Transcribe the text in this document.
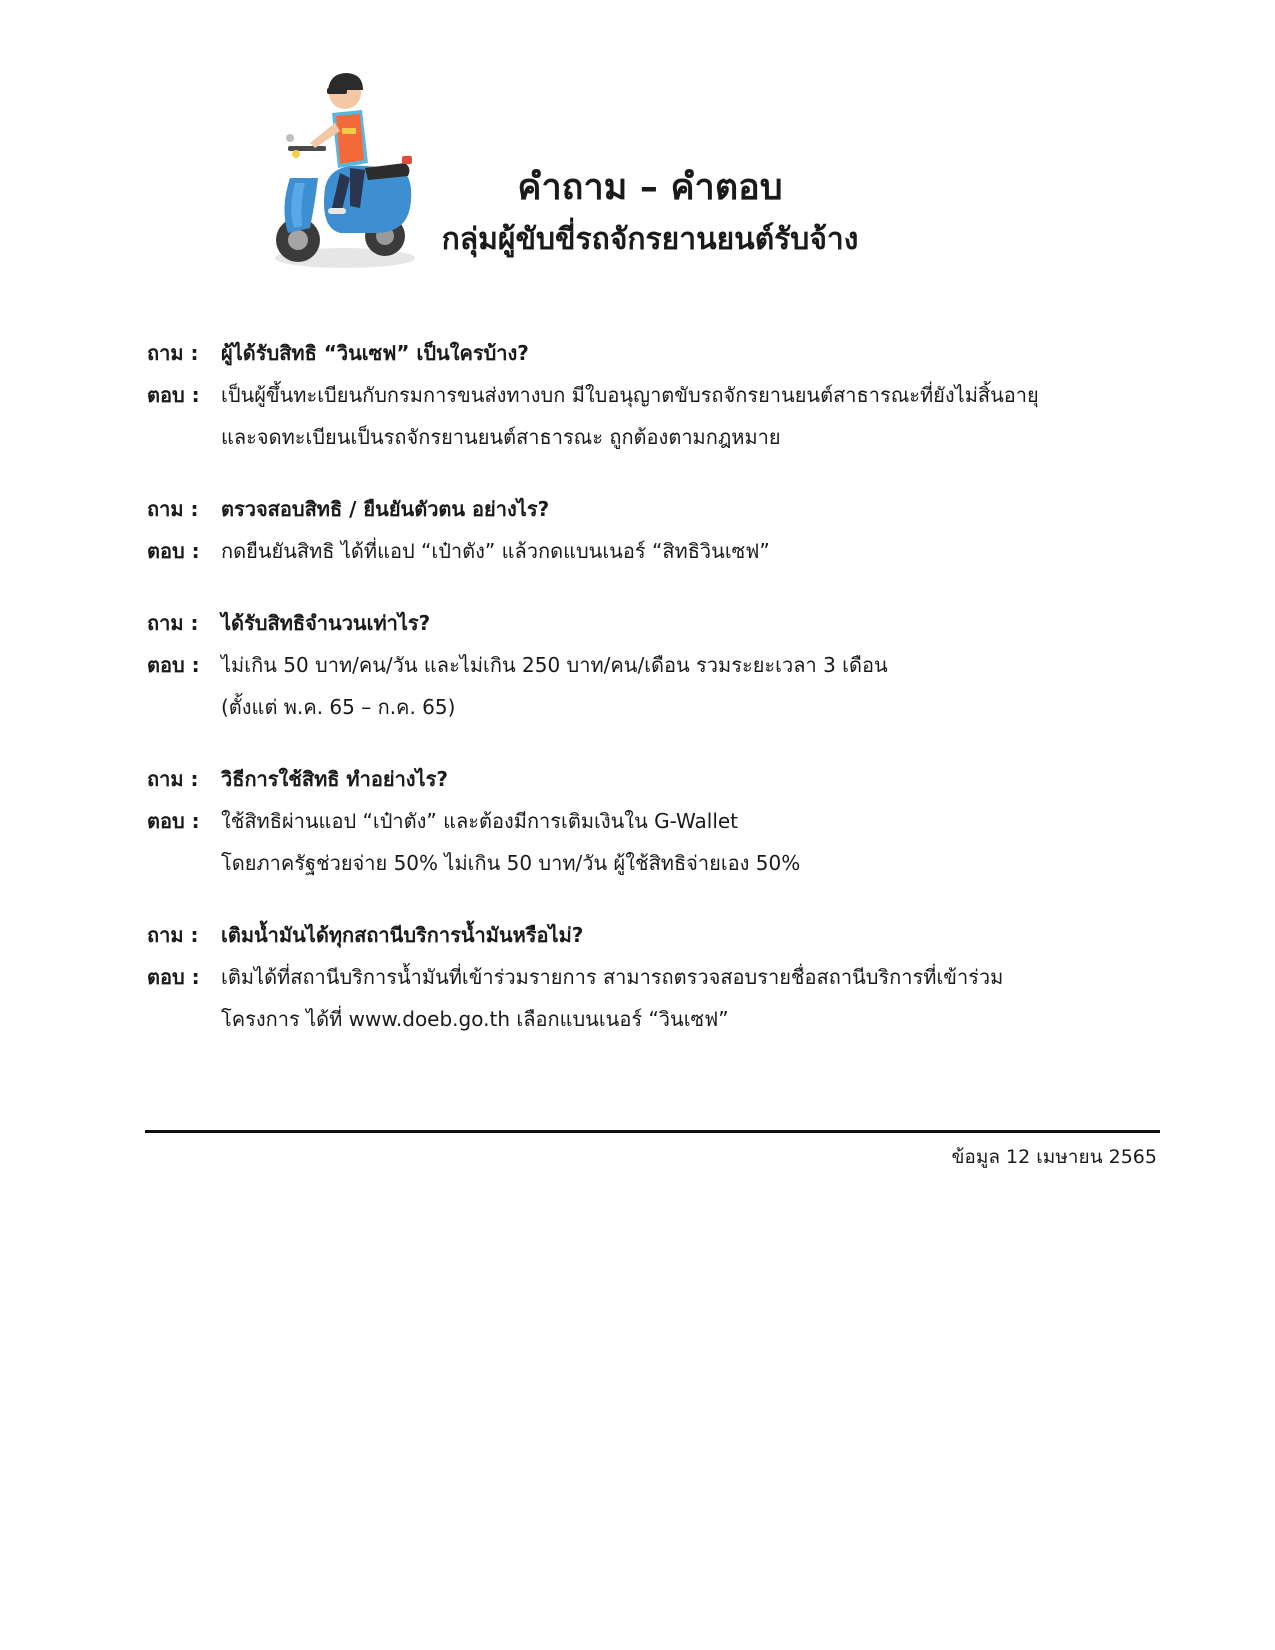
คำถาม – คำตอบ
กลุ่มผู้ขับขี่รถจักรยานยนต์รับจ้าง
ถาม :	ผู้ได้รับสิทธิ “วินเซฟ” เป็นใครบ้าง?
ตอบ :	เป็นผู้ขึ้นทะเบียนกับกรมการขนส่งทางบก มีใบอนุญาตขับรถจักรยานยนต์สาธารณะที่ยังไม่สิ้นอายุ
และจดทะเบียนเป็นรถจักรยานยนต์สาธารณะ ถูกต้องตามกฎหมาย
ถาม :	ตรวจสอบสิทธิ / ยืนยันตัวตน อย่างไร?
ตอบ :	กดยืนยันสิทธิ ได้ที่แอป “เป๋าตัง” แล้วกดแบนเนอร์ “สิทธิวินเซฟ”
ถาม :	ได้รับสิทธิจำนวนเท่าไร?
ตอบ :	ไม่เกิน 50 บาท/คน/วัน และไม่เกิน 250 บาท/คน/เดือน รวมระยะเวลา 3 เดือน
(ตั้งแต่ พ.ค. 65 – ก.ค. 65)
ถาม :	วิธีการใช้สิทธิ ทำอย่างไร?
ตอบ :	ใช้สิทธิผ่านแอป “เป๋าตัง” และต้องมีการเติมเงินใน G-Wallet
โดยภาครัฐช่วยจ่าย 50% ไม่เกิน 50 บาท/วัน ผู้ใช้สิทธิจ่ายเอง 50%
ถาม :	เติมน้ำมันได้ทุกสถานีบริการน้ำมันหรือไม่?
ตอบ :	เติมได้ที่สถานีบริการน้ำมันที่เข้าร่วมรายการ สามารถตรวจสอบรายชื่อสถานีบริการที่เข้าร่วม
โครงการ ได้ที่ www.doeb.go.th เลือกแบนเนอร์ “วินเซฟ”
ข้อมูล 12 เมษายน 2565
